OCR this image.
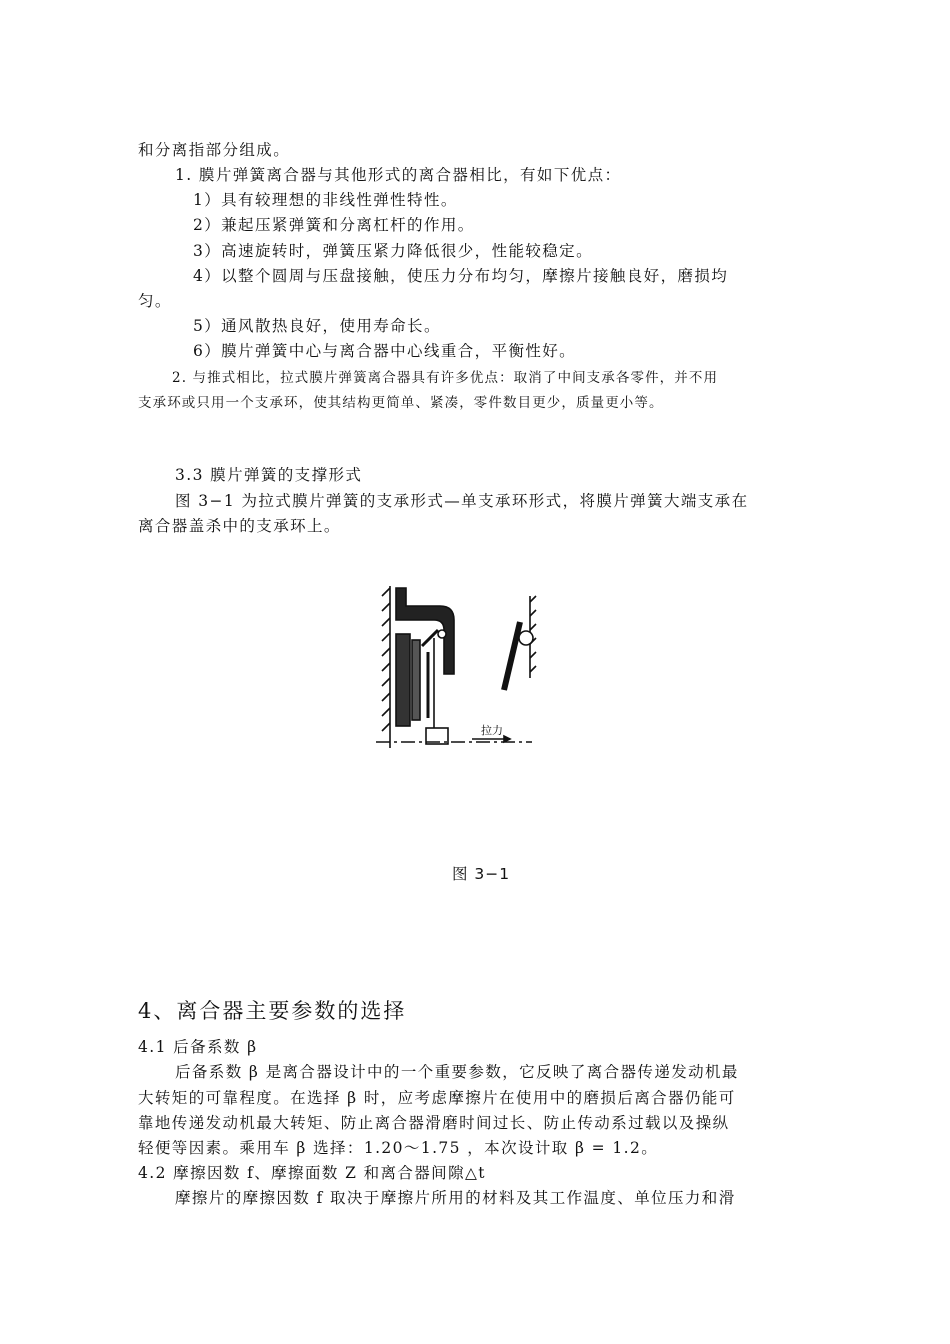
和分离指部分组成。
1. 膜片弹簧离合器与其他形式的离合器相比，有如下优点：
1）具有较理想的非线性弹性特性。
2）兼起压紧弹簧和分离杠杆的作用。
3）高速旋转时，弹簧压紧力降低很少，性能较稳定。
4）以整个圆周与压盘接触，使压力分布均匀，摩擦片接触良好，磨损均
匀。
5）通风散热良好，使用寿命长。
6）膜片弹簧中心与离合器中心线重合，平衡性好。
2. 与推式相比，拉式膜片弹簧离合器具有许多优点：取消了中间支承各零件，并不用
支承环或只用一个支承环，使其结构更简单、紧凑，零件数目更少，质量更小等。
3.3 膜片弹簧的支撑形式
图 3−1 为拉式膜片弹簧的支承形式—单支承环形式，将膜片弹簧大端支承在
离合器盖杀中的支承环上。
拉力
图 3−1
4、离合器主要参数的选择
4.1 后备系数 β
后备系数 β 是离合器设计中的一个重要参数，它反映了离合器传递发动机最
大转矩的可靠程度。在选择 β 时，应考虑摩擦片在使用中的磨损后离合器仍能可
靠地传递发动机最大转矩、防止离合器滑磨时间过长、防止传动系过载以及操纵
轻便等因素。乘用车 β 选择：1.20～1.75 ，本次设计取 β = 1.2。
4.2 摩擦因数 f、摩擦面数 Z 和离合器间隙△t
摩擦片的摩擦因数 f 取决于摩擦片所用的材料及其工作温度、单位压力和滑
